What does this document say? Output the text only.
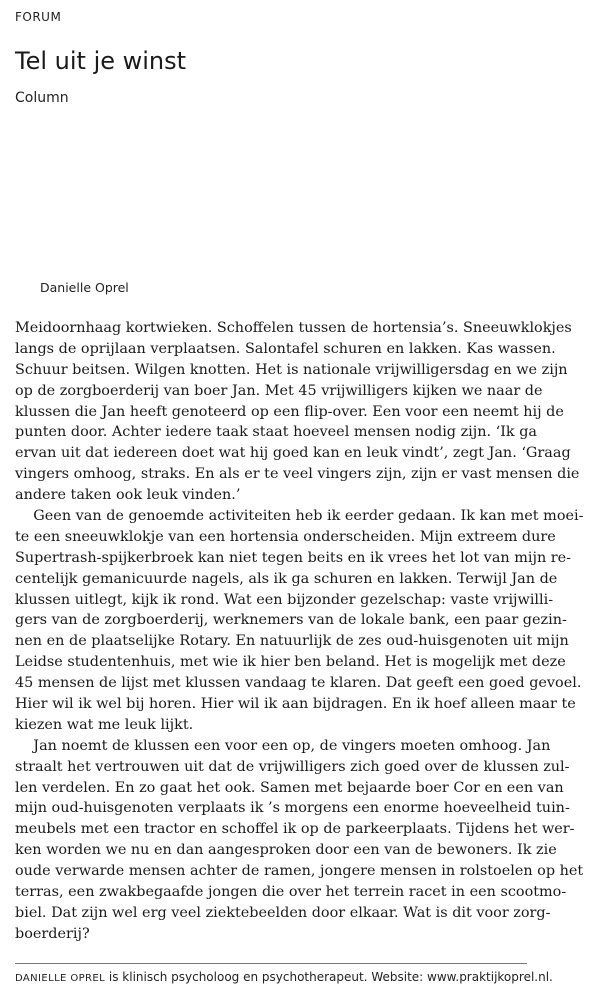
FORUM
Tel uit je winst
Column
Danielle Oprel
Meidoornhaag kortwieken. Schoffelen tussen de hortensia’s. Sneeuwklokjes
langs de oprijlaan verplaatsen. Salontafel schuren en lakken. Kas wassen.
Schuur beitsen. Wilgen knotten. Het is nationale vrijwilligersdag en we zijn
op de zorgboerderij van boer Jan. Met 45 vrijwilligers kijken we naar de
klussen die Jan heeft genoteerd op een flip-over. Een voor een neemt hij de
punten door. Achter iedere taak staat hoeveel mensen nodig zijn. ‘Ik ga
ervan uit dat iedereen doet wat hij goed kan en leuk vindt’, zegt Jan. ‘Graag
vingers omhoog, straks. En als er te veel vingers zijn, zijn er vast mensen die
andere taken ook leuk vinden.’
Geen van de genoemde activiteiten heb ik eerder gedaan. Ik kan met moei-
te een sneeuwklokje van een hortensia onderscheiden. Mijn extreem dure
Supertrash-spijkerbroek kan niet tegen beits en ik vrees het lot van mijn re-
centelijk gemanicuurde nagels, als ik ga schuren en lakken. Terwijl Jan de
klussen uitlegt, kijk ik rond. Wat een bijzonder gezelschap: vaste vrijwilli-
gers van de zorgboerderij, werknemers van de lokale bank, een paar gezin-
nen en de plaatselijke Rotary. En natuurlijk de zes oud-huisgenoten uit mijn
Leidse studentenhuis, met wie ik hier ben beland. Het is mogelijk met deze
45 mensen de lijst met klussen vandaag te klaren. Dat geeft een goed gevoel.
Hier wil ik wel bij horen. Hier wil ik aan bijdragen. En ik hoef alleen maar te
kiezen wat me leuk lijkt.
Jan noemt de klussen een voor een op, de vingers moeten omhoog. Jan
straalt het vertrouwen uit dat de vrijwilligers zich goed over de klussen zul-
len verdelen. En zo gaat het ook. Samen met bejaarde boer Cor en een van
mijn oud-huisgenoten verplaats ik ’s morgens een enorme hoeveelheid tuin-
meubels met een tractor en schoffel ik op de parkeerplaats. Tijdens het wer-
ken worden we nu en dan aangesproken door een van de bewoners. Ik zie
oude verwarde mensen achter de ramen, jongere mensen in rolstoelen op het
terras, een zwakbegaafde jongen die over het terrein racet in een scootmo-
biel. Dat zijn wel erg veel ziektebeelden door elkaar. Wat is dit voor zorg-
boerderij?
DANIELLE OPREL is klinisch psycholoog en psychotherapeut. Website: www.praktijkoprel.nl.
